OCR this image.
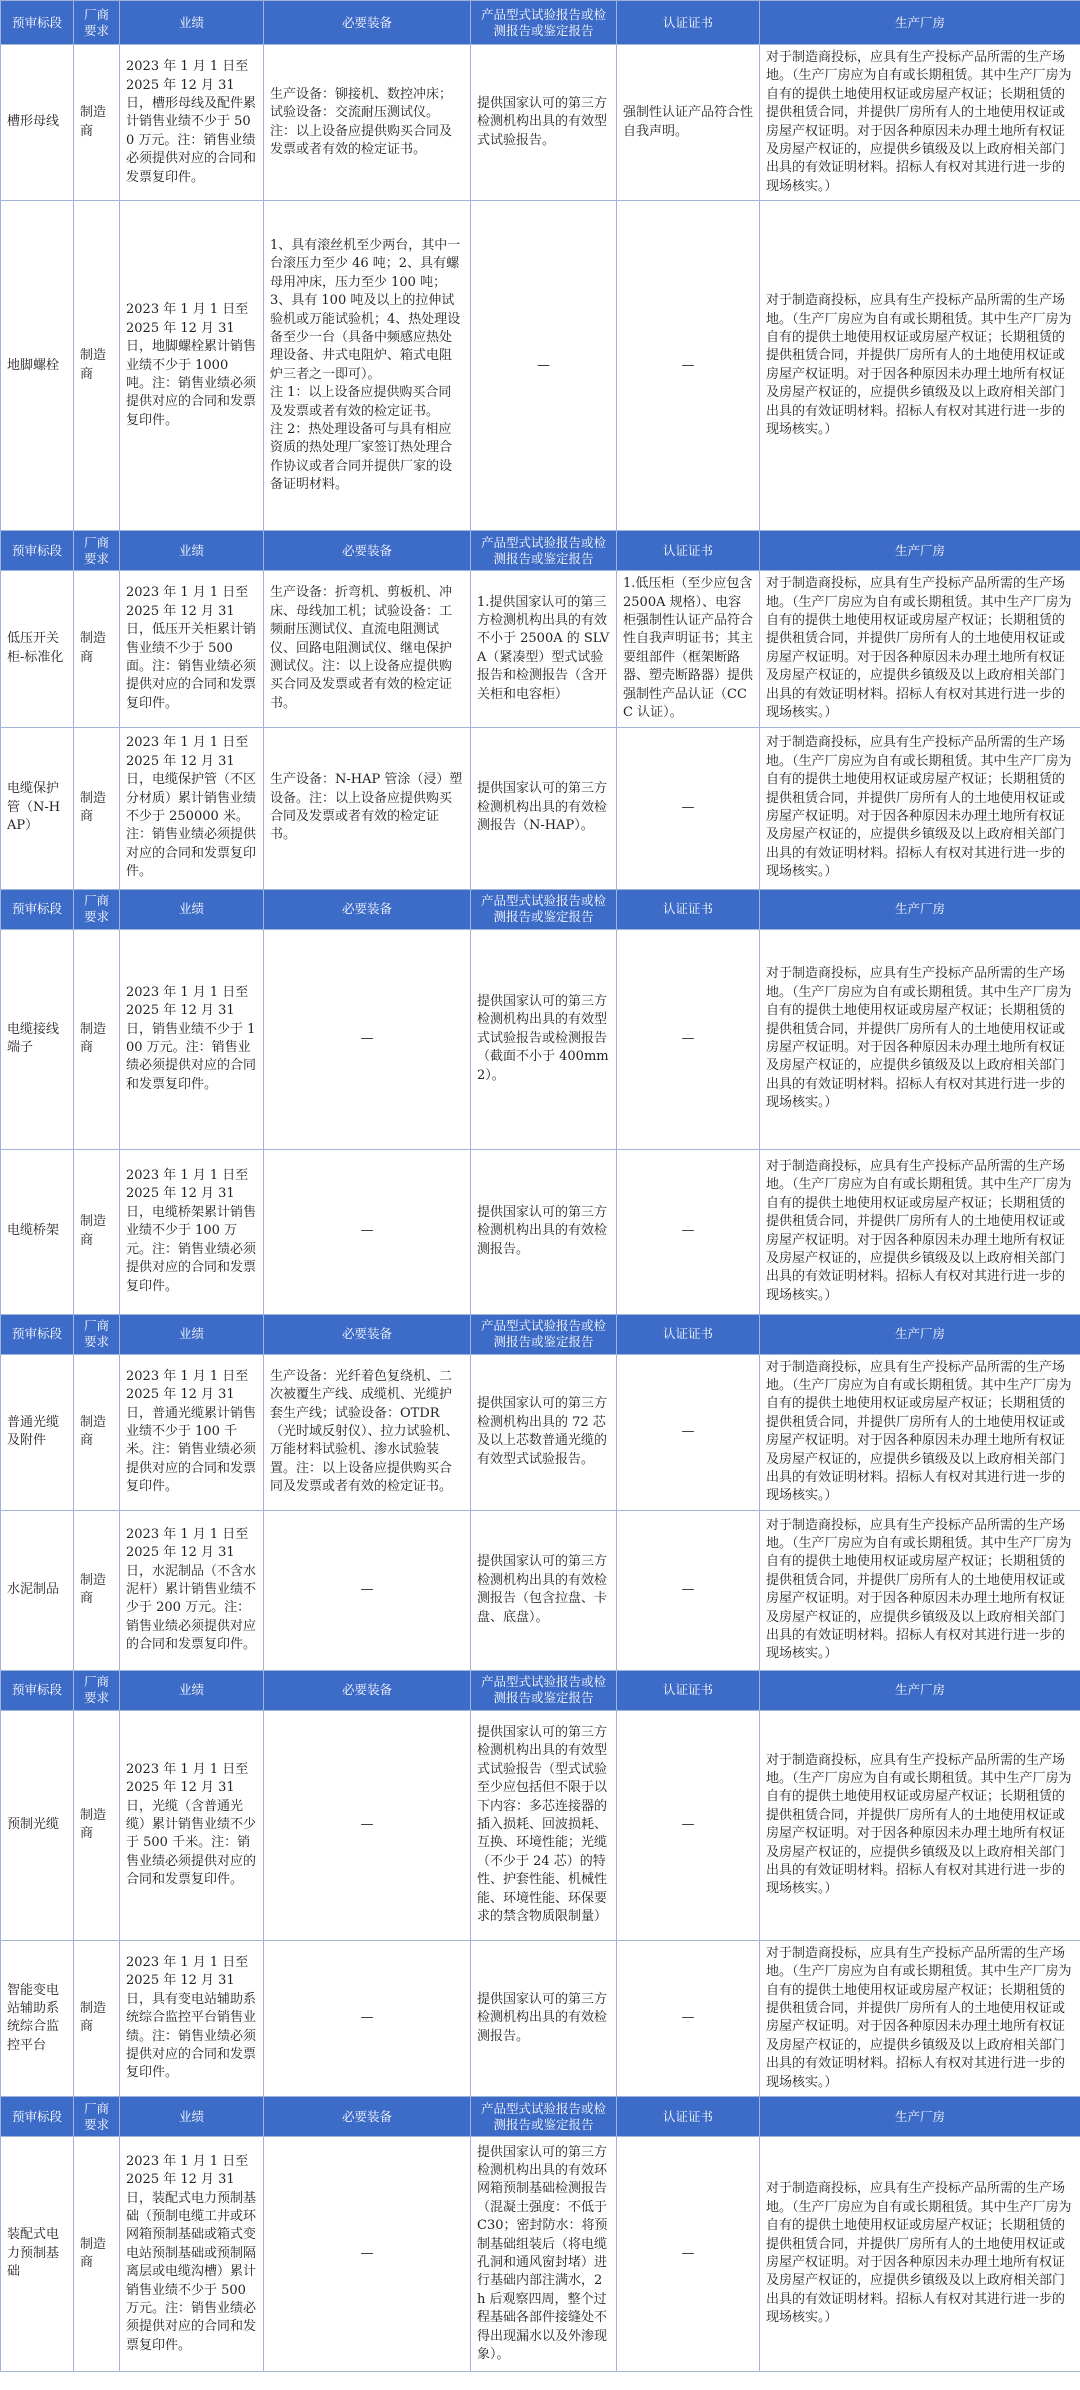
预审标段	厂商要求	业绩	必要装备	产品型式试验报告或检测报告或鉴定报告	认证证书	生产厂房
槽形母线	制造商	2023 年 1 月 1 日至 2025 年 12 月 31 日，槽形母线及配件累计销售业绩不少于 500 万元。注：销售业绩必须提供对应的合同和发票复印件。	生产设备：铆接机、数控冲床；试验设备：交流耐压测试仪。注：以上设备应提供购买合同及发票或者有效的检定证书。	提供国家认可的第三方检测机构出具的有效型式试验报告。	强制性认证产品符合性自我声明。	对于制造商投标，应具有生产投标产品所需的生产场地。（生产厂房应为自有或长期租赁。其中生产厂房为自有的提供土地使用权证或房屋产权证；长期租赁的提供租赁合同，并提供厂房所有人的土地使用权证或房屋产权证明。对于因各种原因未办理土地所有权证及房屋产权证的，应提供乡镇级及以上政府相关部门出具的有效证明材料。招标人有权对其进行进一步的现场核实。）
地脚螺栓	制造商	2023 年 1 月 1 日至 2025 年 12 月 31 日，地脚螺栓累计销售业绩不少于 1000 吨。注：销售业绩必须提供对应的合同和发票复印件。	1、具有滚丝机至少两台，其中一台滚压力至少 46 吨；2、具有螺母用冲床，压力至少 100 吨；3、具有 100 吨及以上的拉伸试验机或万能试验机；4、热处理设备至少一台（具备中频感应热处理设备、井式电阻炉、箱式电阻炉三者之一即可）。
注 1：以上设备应提供购买合同及发票或者有效的检定证书。
注 2：热处理设备可与具有相应资质的热处理厂家签订热处理合作协议或者合同并提供厂家的设备证明材料。	—	—	对于制造商投标，应具有生产投标产品所需的生产场地。（生产厂房应为自有或长期租赁。其中生产厂房为自有的提供土地使用权证或房屋产权证；长期租赁的提供租赁合同，并提供厂房所有人的土地使用权证或房屋产权证明。对于因各种原因未办理土地所有权证及房屋产权证的，应提供乡镇级及以上政府相关部门出具的有效证明材料。招标人有权对其进行进一步的现场核实。）
预审标段	厂商要求	业绩	必要装备	产品型式试验报告或检测报告或鉴定报告	认证证书	生产厂房
低压开关柜-标准化	制造商	2023 年 1 月 1 日至 2025 年 12 月 31 日，低压开关柜累计销售业绩不少于 500 面。注：销售业绩必须提供对应的合同和发票复印件。	生产设备：折弯机、剪板机、冲床、母线加工机；试验设备：工频耐压测试仪、直流电阻测试仪、回路电阻测试仪、继电保护测试仪。注：以上设备应提供购买合同及发票或者有效的检定证书。	1.提供国家认可的第三方检测机构出具的有效不小于 2500A 的 SLVA（紧凑型）型式试验报告和检测报告（含开关柜和电容柜）	1.低压柜（至少应包含 2500A 规格）、电容柜强制性认证产品符合性自我声明证书；其主要组部件（框架断路器、塑壳断路器）提供强制性产品认证（CCC 认证）。	对于制造商投标，应具有生产投标产品所需的生产场地。（生产厂房应为自有或长期租赁。其中生产厂房为自有的提供土地使用权证或房屋产权证；长期租赁的提供租赁合同，并提供厂房所有人的土地使用权证或房屋产权证明。对于因各种原因未办理土地所有权证及房屋产权证的，应提供乡镇级及以上政府相关部门出具的有效证明材料。招标人有权对其进行进一步的现场核实。）
电缆保护管（N-HAP）	制造商	2023 年 1 月 1 日至 2025 年 12 月 31 日，电缆保护管（不区分材质）累计销售业绩不少于 250000 米。注：销售业绩必须提供对应的合同和发票复印件。	生产设备：N-HAP 管涂（浸）塑设备。注：以上设备应提供购买合同及发票或者有效的检定证书。	提供国家认可的第三方检测机构出具的有效检测报告（N-HAP）。	—	对于制造商投标，应具有生产投标产品所需的生产场地。（生产厂房应为自有或长期租赁。其中生产厂房为自有的提供土地使用权证或房屋产权证；长期租赁的提供租赁合同，并提供厂房所有人的土地使用权证或房屋产权证明。对于因各种原因未办理土地所有权证及房屋产权证的，应提供乡镇级及以上政府相关部门出具的有效证明材料。招标人有权对其进行进一步的现场核实。）
预审标段	厂商要求	业绩	必要装备	产品型式试验报告或检测报告或鉴定报告	认证证书	生产厂房
电缆接线端子	制造商	2023 年 1 月 1 日至 2025 年 12 月 31 日，销售业绩不少于 100 万元。注：销售业绩必须提供对应的合同和发票复印件。	—	提供国家认可的第三方检测机构出具的有效型式试验报告或检测报告（截面不小于 400mm2）。	—	对于制造商投标，应具有生产投标产品所需的生产场地。（生产厂房应为自有或长期租赁。其中生产厂房为自有的提供土地使用权证或房屋产权证；长期租赁的提供租赁合同，并提供厂房所有人的土地使用权证或房屋产权证明。对于因各种原因未办理土地所有权证及房屋产权证的，应提供乡镇级及以上政府相关部门出具的有效证明材料。招标人有权对其进行进一步的现场核实。）
电缆桥架	制造商	2023 年 1 月 1 日至 2025 年 12 月 31 日，电缆桥架累计销售业绩不少于 100 万元。注：销售业绩必须提供对应的合同和发票复印件。	—	提供国家认可的第三方检测机构出具的有效检测报告。	—	对于制造商投标，应具有生产投标产品所需的生产场地。（生产厂房应为自有或长期租赁。其中生产厂房为自有的提供土地使用权证或房屋产权证；长期租赁的提供租赁合同，并提供厂房所有人的土地使用权证或房屋产权证明。对于因各种原因未办理土地所有权证及房屋产权证的，应提供乡镇级及以上政府相关部门出具的有效证明材料。招标人有权对其进行进一步的现场核实。）
预审标段	厂商要求	业绩	必要装备	产品型式试验报告或检测报告或鉴定报告	认证证书	生产厂房
普通光缆及附件	制造商	2023 年 1 月 1 日至 2025 年 12 月 31 日，普通光缆累计销售业绩不少于 100 千米。注：销售业绩必须提供对应的合同和发票复印件。	生产设备：光纤着色复绕机、二次被覆生产线、成缆机、光缆护套生产线；试验设备：OTDR（光时域反射仪）、拉力试验机、万能材料试验机、渗水试验装置。注：以上设备应提供购买合同及发票或者有效的检定证书。	提供国家认可的第三方检测机构出具的 72 芯及以上芯数普通光缆的有效型式试验报告。	—	对于制造商投标，应具有生产投标产品所需的生产场地。（生产厂房应为自有或长期租赁。其中生产厂房为自有的提供土地使用权证或房屋产权证；长期租赁的提供租赁合同，并提供厂房所有人的土地使用权证或房屋产权证明。对于因各种原因未办理土地所有权证及房屋产权证的，应提供乡镇级及以上政府相关部门出具的有效证明材料。招标人有权对其进行进一步的现场核实。）
水泥制品	制造商	2023 年 1 月 1 日至 2025 年 12 月 31 日，水泥制品（不含水泥杆）累计销售业绩不少于 200 万元。注：销售业绩必须提供对应的合同和发票复印件。	—	提供国家认可的第三方检测机构出具的有效检测报告（包含拉盘、卡盘、底盘）。	—	对于制造商投标，应具有生产投标产品所需的生产场地。（生产厂房应为自有或长期租赁。其中生产厂房为自有的提供土地使用权证或房屋产权证；长期租赁的提供租赁合同，并提供厂房所有人的土地使用权证或房屋产权证明。对于因各种原因未办理土地所有权证及房屋产权证的，应提供乡镇级及以上政府相关部门出具的有效证明材料。招标人有权对其进行进一步的现场核实。）
预审标段	厂商要求	业绩	必要装备	产品型式试验报告或检测报告或鉴定报告	认证证书	生产厂房
预制光缆	制造商	2023 年 1 月 1 日至 2025 年 12 月 31 日，光缆（含普通光缆）累计销售业绩不少于 500 千米。注：销售业绩必须提供对应的合同和发票复印件。	—	提供国家认可的第三方检测机构出具的有效型式试验报告（型式试验至少应包括但不限于以下内容：多芯连接器的插入损耗、回波损耗、互换、环境性能；光缆（不少于 24 芯）的特性、护套性能、机械性能、环境性能、环保要求的禁含物质限制量）	—	对于制造商投标，应具有生产投标产品所需的生产场地。（生产厂房应为自有或长期租赁。其中生产厂房为自有的提供土地使用权证或房屋产权证；长期租赁的提供租赁合同，并提供厂房所有人的土地使用权证或房屋产权证明。对于因各种原因未办理土地所有权证及房屋产权证的，应提供乡镇级及以上政府相关部门出具的有效证明材料。招标人有权对其进行进一步的现场核实。）
智能变电站辅助系统综合监控平台	制造商	2023 年 1 月 1 日至 2025 年 12 月 31 日，具有变电站辅助系统综合监控平台销售业绩。注：销售业绩必须提供对应的合同和发票复印件。	—	提供国家认可的第三方检测机构出具的有效检测报告。	—	对于制造商投标，应具有生产投标产品所需的生产场地。（生产厂房应为自有或长期租赁。其中生产厂房为自有的提供土地使用权证或房屋产权证；长期租赁的提供租赁合同，并提供厂房所有人的土地使用权证或房屋产权证明。对于因各种原因未办理土地所有权证及房屋产权证的，应提供乡镇级及以上政府相关部门出具的有效证明材料。招标人有权对其进行进一步的现场核实。）
预审标段	厂商要求	业绩	必要装备	产品型式试验报告或检测报告或鉴定报告	认证证书	生产厂房
装配式电力预制基础	制造商	2023 年 1 月 1 日至 2025 年 12 月 31 日，装配式电力预制基础（预制电缆工井或环网箱预制基础或箱式变电站预制基础或预制隔离层或电缆沟槽）累计销售业绩不少于 500 万元。注：销售业绩必须提供对应的合同和发票复印件。	—	提供国家认可的第三方检测机构出具的有效环网箱预制基础检测报告（混凝土强度：不低于 C30；密封防水：将预制基础组装后（将电缆孔洞和通风窗封堵）进行基础内部注满水，2h 后观察四周，整个过程基础各部件接缝处不得出现漏水以及外渗现象）。	—	对于制造商投标，应具有生产投标产品所需的生产场地。（生产厂房应为自有或长期租赁。其中生产厂房为自有的提供土地使用权证或房屋产权证；长期租赁的提供租赁合同，并提供厂房所有人的土地使用权证或房屋产权证明。对于因各种原因未办理土地所有权证及房屋产权证的，应提供乡镇级及以上政府相关部门出具的有效证明材料。招标人有权对其进行进一步的现场核实。）
